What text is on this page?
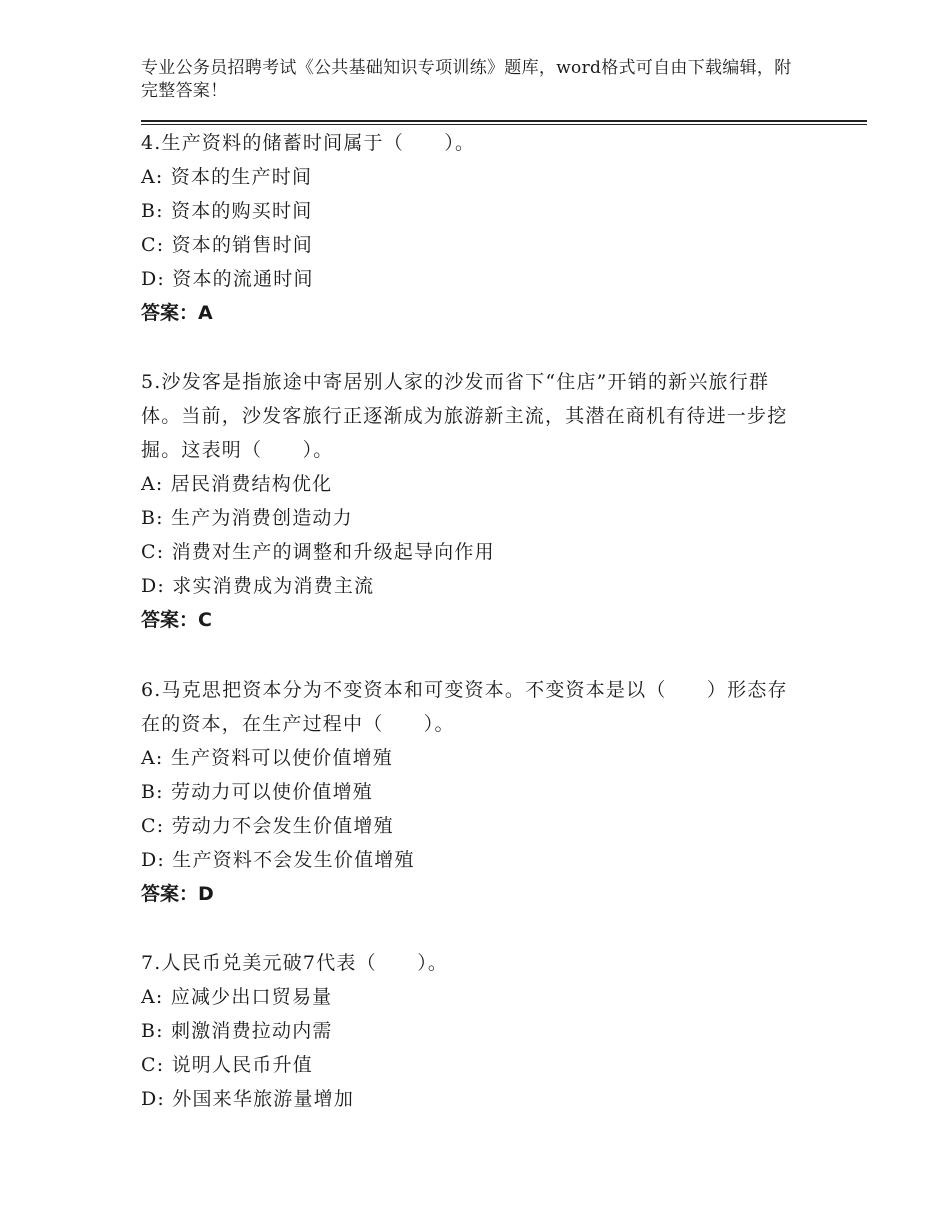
专业公务员招聘考试《公共基础知识专项训练》题库，word格式可自由下载编辑，附完整答案！

4.生产资料的储蓄时间属于（　　）。

A: 资本的生产时间

B: 资本的购买时间

C: 资本的销售时间

D: 资本的流通时间

答案：A

5.沙发客是指旅途中寄居别人家的沙发而省下“住店”开销的新兴旅行群体。当前，沙发客旅行正逐渐成为旅游新主流，其潜在商机有待进一步挖掘。这表明（　　）。

A: 居民消费结构优化

B: 生产为消费创造动力

C: 消费对生产的调整和升级起导向作用

D: 求实消费成为消费主流

答案：C

6.马克思把资本分为不变资本和可变资本。不变资本是以（　　）形态存在的资本，在生产过程中（　　）。

A: 生产资料可以使价值增殖

B: 劳动力可以使价值增殖

C: 劳动力不会发生价值增殖

D: 生产资料不会发生价值增殖

答案：D

7.人民币兑美元破7代表（　　）。

A: 应减少出口贸易量

B: 刺激消费拉动内需

C: 说明人民币升值

D: 外国来华旅游量增加
